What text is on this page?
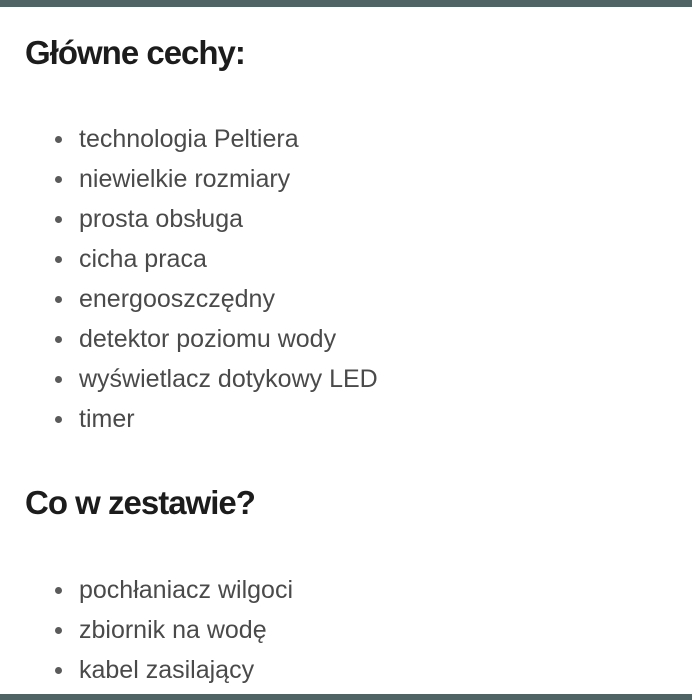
Główne cechy:
technologia Peltiera
niewielkie rozmiary
prosta obsługa
cicha praca
energooszczędny
detektor poziomu wody
wyświetlacz dotykowy LED
timer
Co w zestawie?
pochłaniacz wilgoci
zbiornik na wodę
kabel zasilający
